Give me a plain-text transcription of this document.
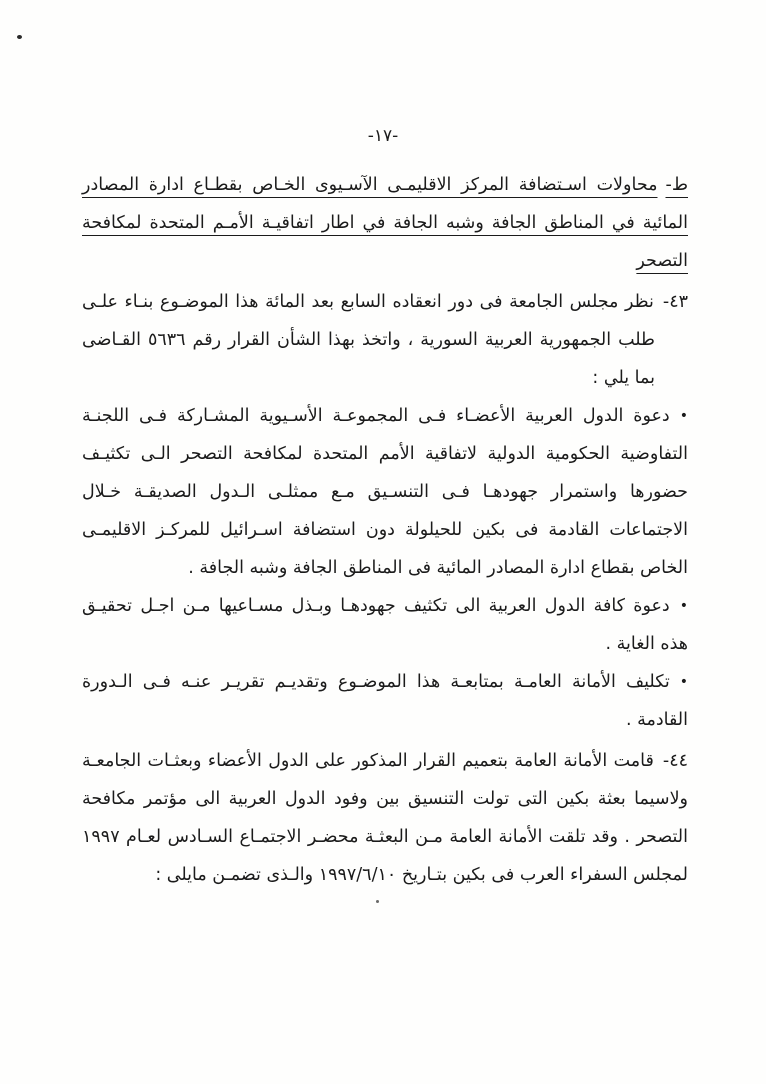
-١٧-

ط-محاولات اسـتضافة المركز الاقليمـى الآسـيوى الخـاص بقطـاع ادارة المصادر المائية في المناطق الجافة وشبه الجافة في اطار اتفاقيـة الأمـم المتحدة لمكافحة التصحر

٤٣-نظر مجلس الجامعة فى دور انعقاده السابع بعد المائة هذا الموضـوع بنـاء علـى طلب الجمهورية العربية السورية ، واتخذ بهذا الشأن القرار رقم ٥٦٣٦ القـاضى بما يلي :

•دعوة الدول العربية الأعضـاء فـى المجموعـة الأسـيوية المشـاركة فـى اللجنـة التفاوضية الحكومية الدولية لاتفاقية الأمم المتحدة لمكافحة التصحر الـى تكثيـف حضورها واستمرار جهودهـا فـى التنسـيق مـع ممثلـى الـدول الصديقـة خـلال الاجتماعات القادمة فى بكين للحيلولة دون استضافة اسـرائيل للمركـز الاقليمـى الخاص بقطاع ادارة المصادر المائية فى المناطق الجافة وشبه الجافة .
•دعوة كافة الدول العربية الى تكثيف جهودهـا وبـذل مسـاعيها مـن اجـل تحقيـق هذه الغاية .
•تكليف الأمانة العامـة بمتابعـة هذا الموضـوع وتقديـم تقريـر عنـه فـى الـدورة القادمة .

٤٤-قامت الأمانة العامة بتعميم القرار المذكور على الدول الأعضاء وبعثـات الجامعـة ولاسيما بعثة بكين التى تولت التنسيق بين وفود الدول العربية الى مؤتمر مكافحة التصحر . وقد تلقت الأمانة العامة مـن البعثـة محضـر الاجتمـاع السـادس لعـام ١٩٩٧ لمجلس السفراء العرب فى بكين بتـاريخ ١٩٩٧/٦/١٠ والـذى تضمـن مايلى :
